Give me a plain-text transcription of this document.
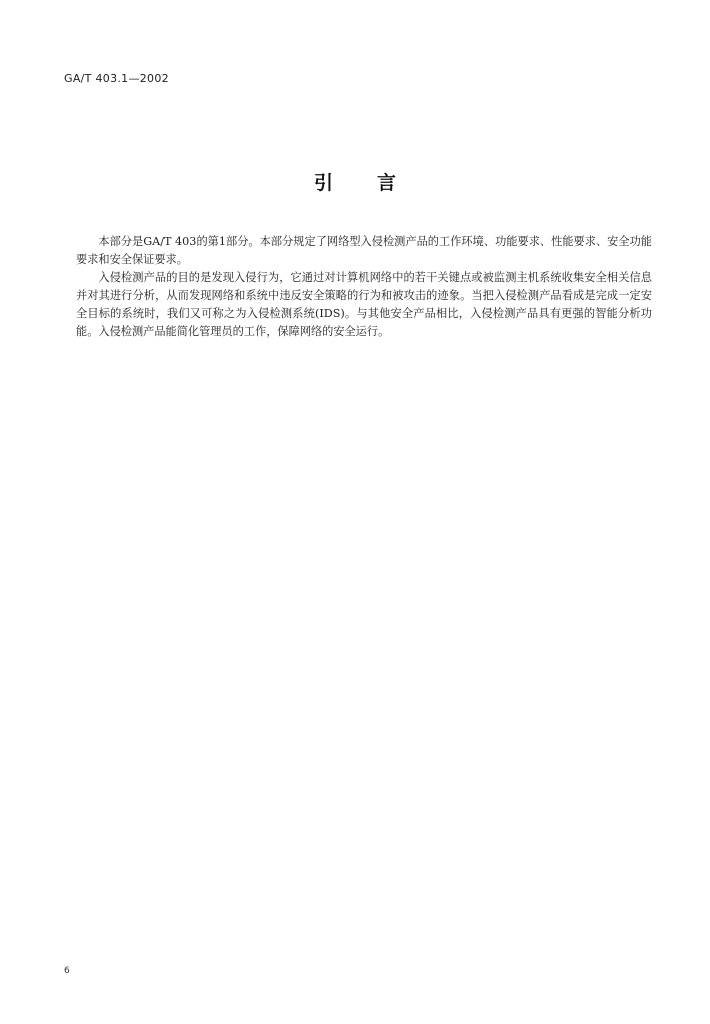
GA/T 403.1—2002
引言

本部分是GA/T 403的第1部分。本部分规定了网络型入侵检测产品的工作环境、功能要求、性能要求、安全功能要求和安全保证要求。

入侵检测产品的目的是发现入侵行为，它通过对计算机网络中的若干关键点或被监测主机系统收集安全相关信息并对其进行分析，从而发现网络和系统中违反安全策略的行为和被攻击的迹象。当把入侵检测产品看成是完成一定安全目标的系统时，我们又可称之为入侵检测系统(IDS)。与其他安全产品相比，入侵检测产品具有更强的智能分析功能。入侵检测产品能简化管理员的工作，保障网络的安全运行。

6
